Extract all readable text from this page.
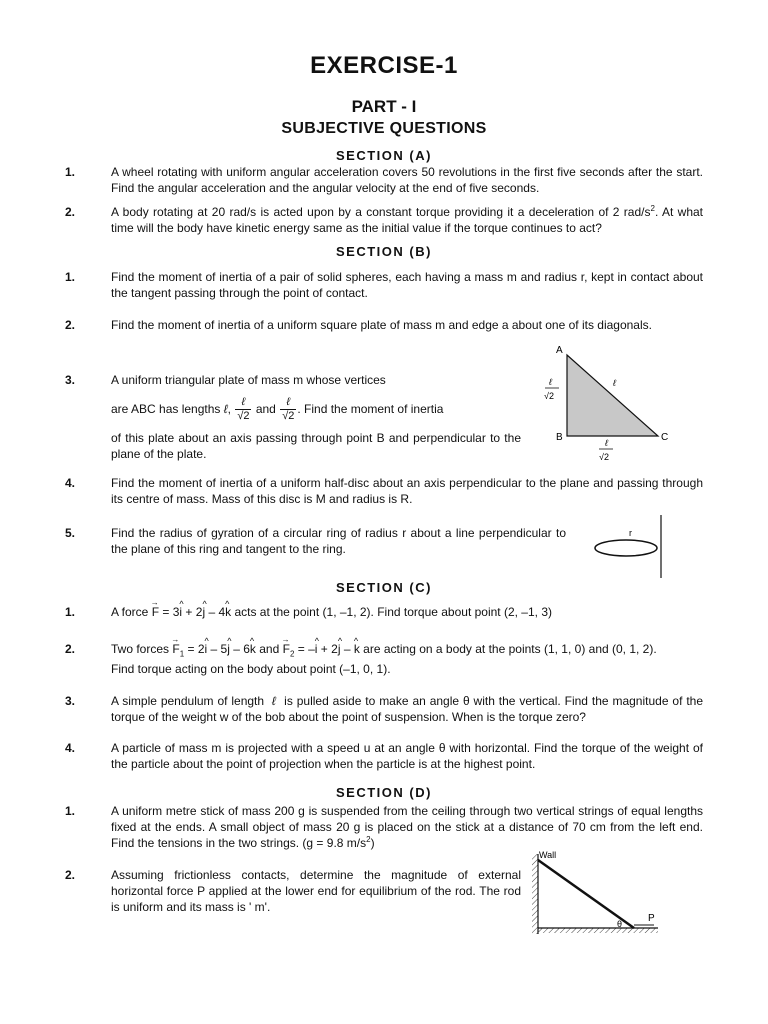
EXERCISE-1
PART - I
SUBJECTIVE QUESTIONS
SECTION (A)
1.	A wheel rotating with uniform angular acceleration covers 50 revolutions in the first five seconds after the start. Find the angular acceleration and the angular velocity at the end of five seconds.
2.	A body rotating at 20 rad/s is acted upon by a constant torque providing it a deceleration of 2 rad/$s^2$. At what time will the body have kinetic energy same as the initial value if the torque continues to act?
SECTION (B)
1.	Find the moment of inertia of a pair of solid spheres, each having a mass m and radius r, kept in contact about the tangent passing through the point of contact.
2.	Find the moment of inertia of a uniform square plate of mass m and edge a about one of its diagonals.
3.	A uniform triangular plate of mass m whose vertices
are ABC has lengths ℓ, $\frac{\text{ℓ}}{√2}$ and $\frac{\text{ℓ}}{√2}$ . Find the moment of inertia
of this plate about an axis passing through point B and perpendicular to the plane of the plate.
A
B	C
ℓ
√2
ℓ
ℓ
√2
4.	Find the moment of inertia of a uniform half-disc about an axis perpendicular to the plane and passing through its centre of mass. Mass of this disc is M and radius is R.
5.	Find the radius of gyration of a circular ring of radius r about a line perpendicular to the plane of this ring and tangent to the ring.
r
SECTION (C)
1.	A force → F = 3^ i + 2^ j – 4^ k acts at the point (1, –1, 2). Find torque about point (2, –1, 3)
2.	Two forces → $F_1$ = 2^ i – 5^ j – 6^ k and → $F_2$ = –^ i + 2^ j – ^ k are acting on a body at the points (1, 1, 0) and (0, 1, 2).
Find torque acting on the body about point (–1, 0, 1).
3.	A simple pendulum of length ℓ is pulled aside to make an angle θ with the vertical. Find the magnitude of the torque of the weight w of the bob about the point of suspension. When is the torque zero?
4.	A particle of mass m is projected with a speed u at an angle θ with horizontal. Find the torque of the weight of the particle about the point of projection when the particle is at the highest point.
SECTION (D)
1.	A uniform metre stick of mass 200 g is suspended from the ceiling through two vertical strings of equal lengths fixed at the ends. A small object of mass 20 g is placed on the stick at a distance of 70 cm from the left end. Find the tensions in the two strings. (g = 9.8 $m/s^2$)
2.	Assuming frictionless contacts, determine the magnitude of external horizontal force P applied at the lower end for equilibrium of the rod. The rod is uniform and its mass is ' m'.
Wall
θ	P
